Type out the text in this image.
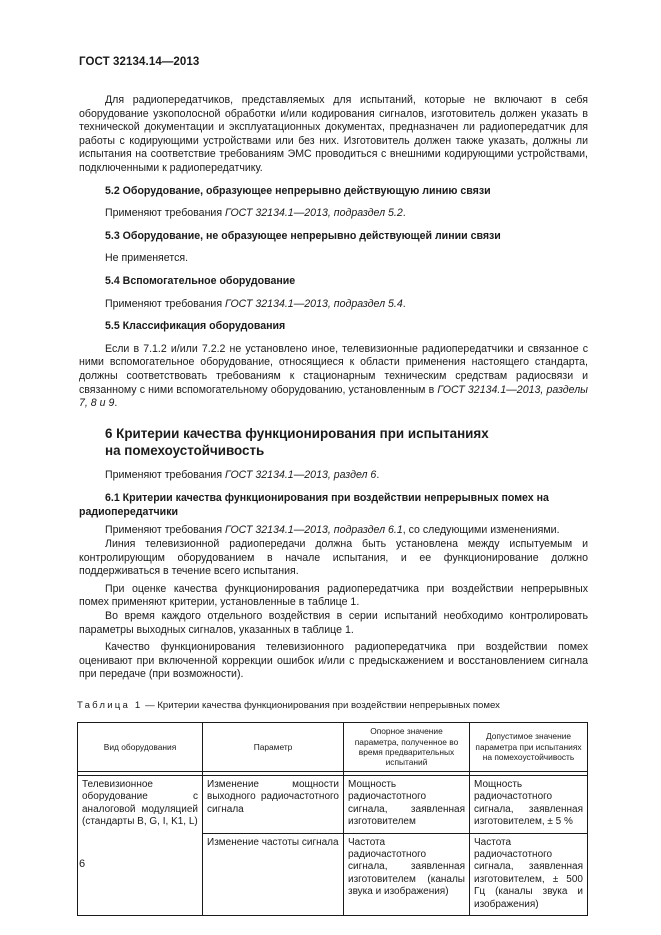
ГОСТ 32134.14—2013

Для радиопередатчиков, представляемых для испытаний, которые не включают в себя оборудование узкополосной обработки и/или кодирования сигналов, изготовитель должен указать в технической документации и эксплуатационных документах, предназначен ли радиопередатчик для работы с кодирующими устройствами или без них. Изготовитель должен также указать, должны ли испытания на соответствие требованиям ЭМС проводиться с внешними кодирующими устройствами, подключенными к радиопередатчику.

5.2 Оборудование, образующее непрерывно действующую линию связи

Применяют требования ГОСТ 32134.1—2013, подраздел 5.2.

5.3 Оборудование, не образующее непрерывно действующей линии связи

Не применяется.

5.4 Вспомогательное оборудование

Применяют требования ГОСТ 32134.1—2013, подраздел 5.4.

5.5 Классификация оборудования

Если в 7.1.2 и/или 7.2.2 не установлено иное, телевизионные радиопередатчики и связанное с ними вспомогательное оборудование, относящиеся к области применения настоящего стандарта, должны соответствовать требованиям к стационарным техническим средствам радиосвязи и связанному с ними вспомогательному оборудованию, установленным в ГОСТ 32134.1—2013, разделы 7, 8 и 9.

6 Критерии качества функционирования при испытаниях
на помехоустойчивость

Применяют требования ГОСТ 32134.1—2013, раздел 6.

6.1 Критерии качества функционирования при воздействии непрерывных помех на радиопередатчики

Применяют требования ГОСТ 32134.1—2013, подраздел 6.1, со следующими изменениями.

Линия телевизионной радиопередачи должна быть установлена между испытуемым и контролирующим оборудованием в начале испытания, и ее функционирование должно поддерживаться в течение всего испытания.

При оценке качества функционирования радиопередатчика при воздействии непрерывных помех применяют критерии, установленные в таблице 1.

Во время каждого отдельного воздействия в серии испытаний необходимо контролировать параметры выходных сигналов, указанных в таблице 1.

Качество функционирования телевизионного радиопередатчика при воздействии помех оценивают при включенной коррекции ошибок и/или с предыскажением и восстановлением сигнала при передаче (при возможности).

Таблица 1 — Критерии качества функционирования при воздействии непрерывных помех
Вид оборудования	Параметр	Опорное значение параметра, полученное во время предварительных испытаний	Допустимое значение параметра при испытаниях на помехоустойчивость

Телевизионное оборудование с аналоговой модуляцией (стандарты B, G, I, K1, L)	Изменение мощности выходного радиочастотного сигнала	Мощность радиочастотного сигнала, заявленная изготовителем	Мощность радиочастотного сигнала, заявленная изготовителем, ± 5 %
	Изменение частоты сигнала	Частота радиочастотного сигнала, заявленная изготовителем (каналы звука и изображения)	Частота радиочастотного сигнала, заявленная изготовителем, ± 500 Гц (каналы звука и изображения)
6
